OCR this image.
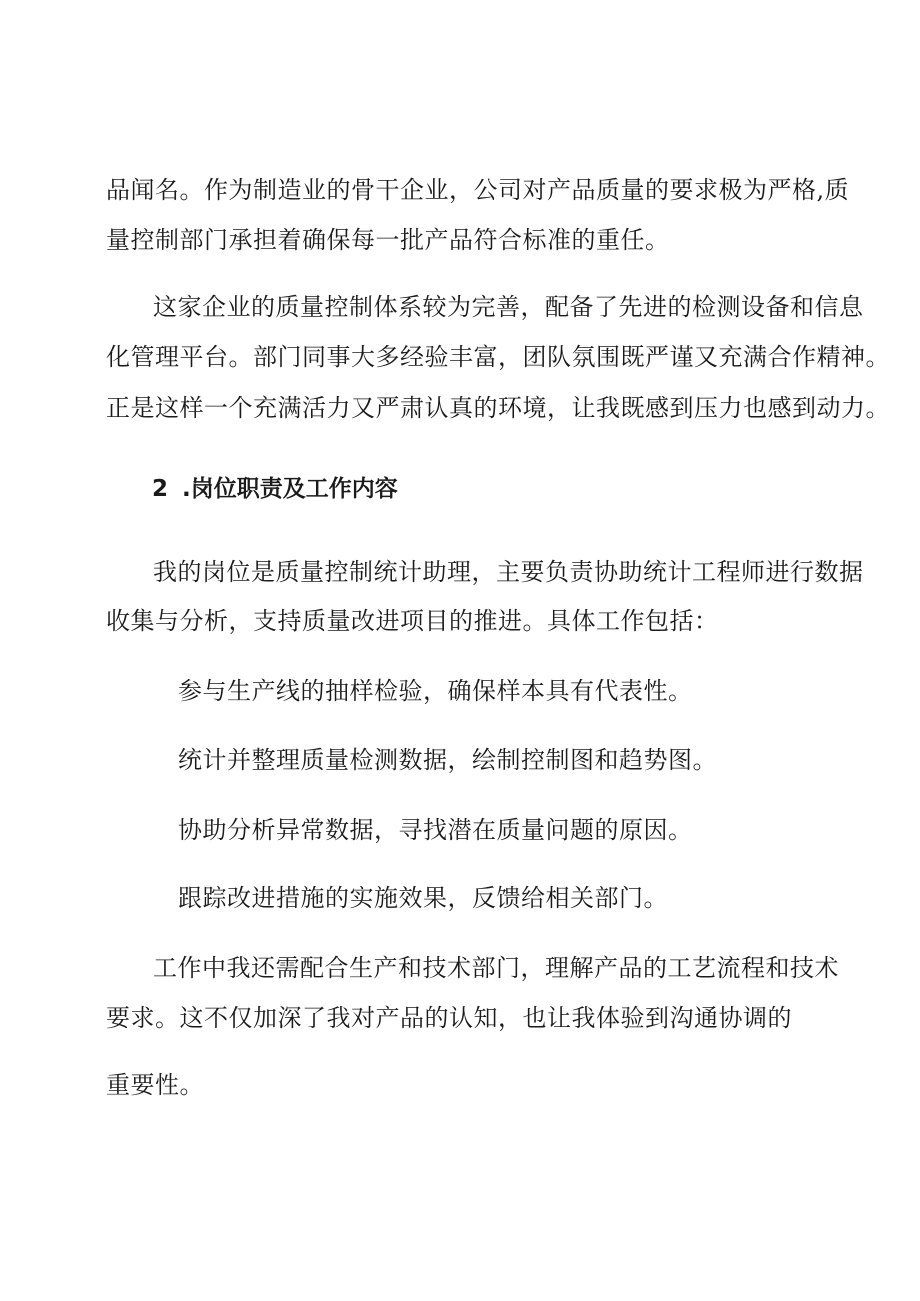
品闻名。作为制造业的骨干企业，公司对产品质量的要求极为严格,质
量控制部门承担着确保每一批产品符合标准的重任。
这家企业的质量控制体系较为完善，配备了先进的检测设备和信息
化管理平台。部门同事大多经验丰富，团队氛围既严谨又充满合作精神。
正是这样一个充满活力又严肃认真的环境，让我既感到压力也感到动力。
2 .岗位职责及工作内容
我的岗位是质量控制统计助理，主要负责协助统计工程师进行数据
收集与分析，支持质量改进项目的推进。具体工作包括：
参与生产线的抽样检验，确保样本具有代表性。
统计并整理质量检测数据，绘制控制图和趋势图。
协助分析异常数据，寻找潜在质量问题的原因。
跟踪改进措施的实施效果，反馈给相关部门。
工作中我还需配合生产和技术部门，理解产品的工艺流程和技术
要求。这不仅加深了我对产品的认知，也让我体验到沟通协调的
重要性。
